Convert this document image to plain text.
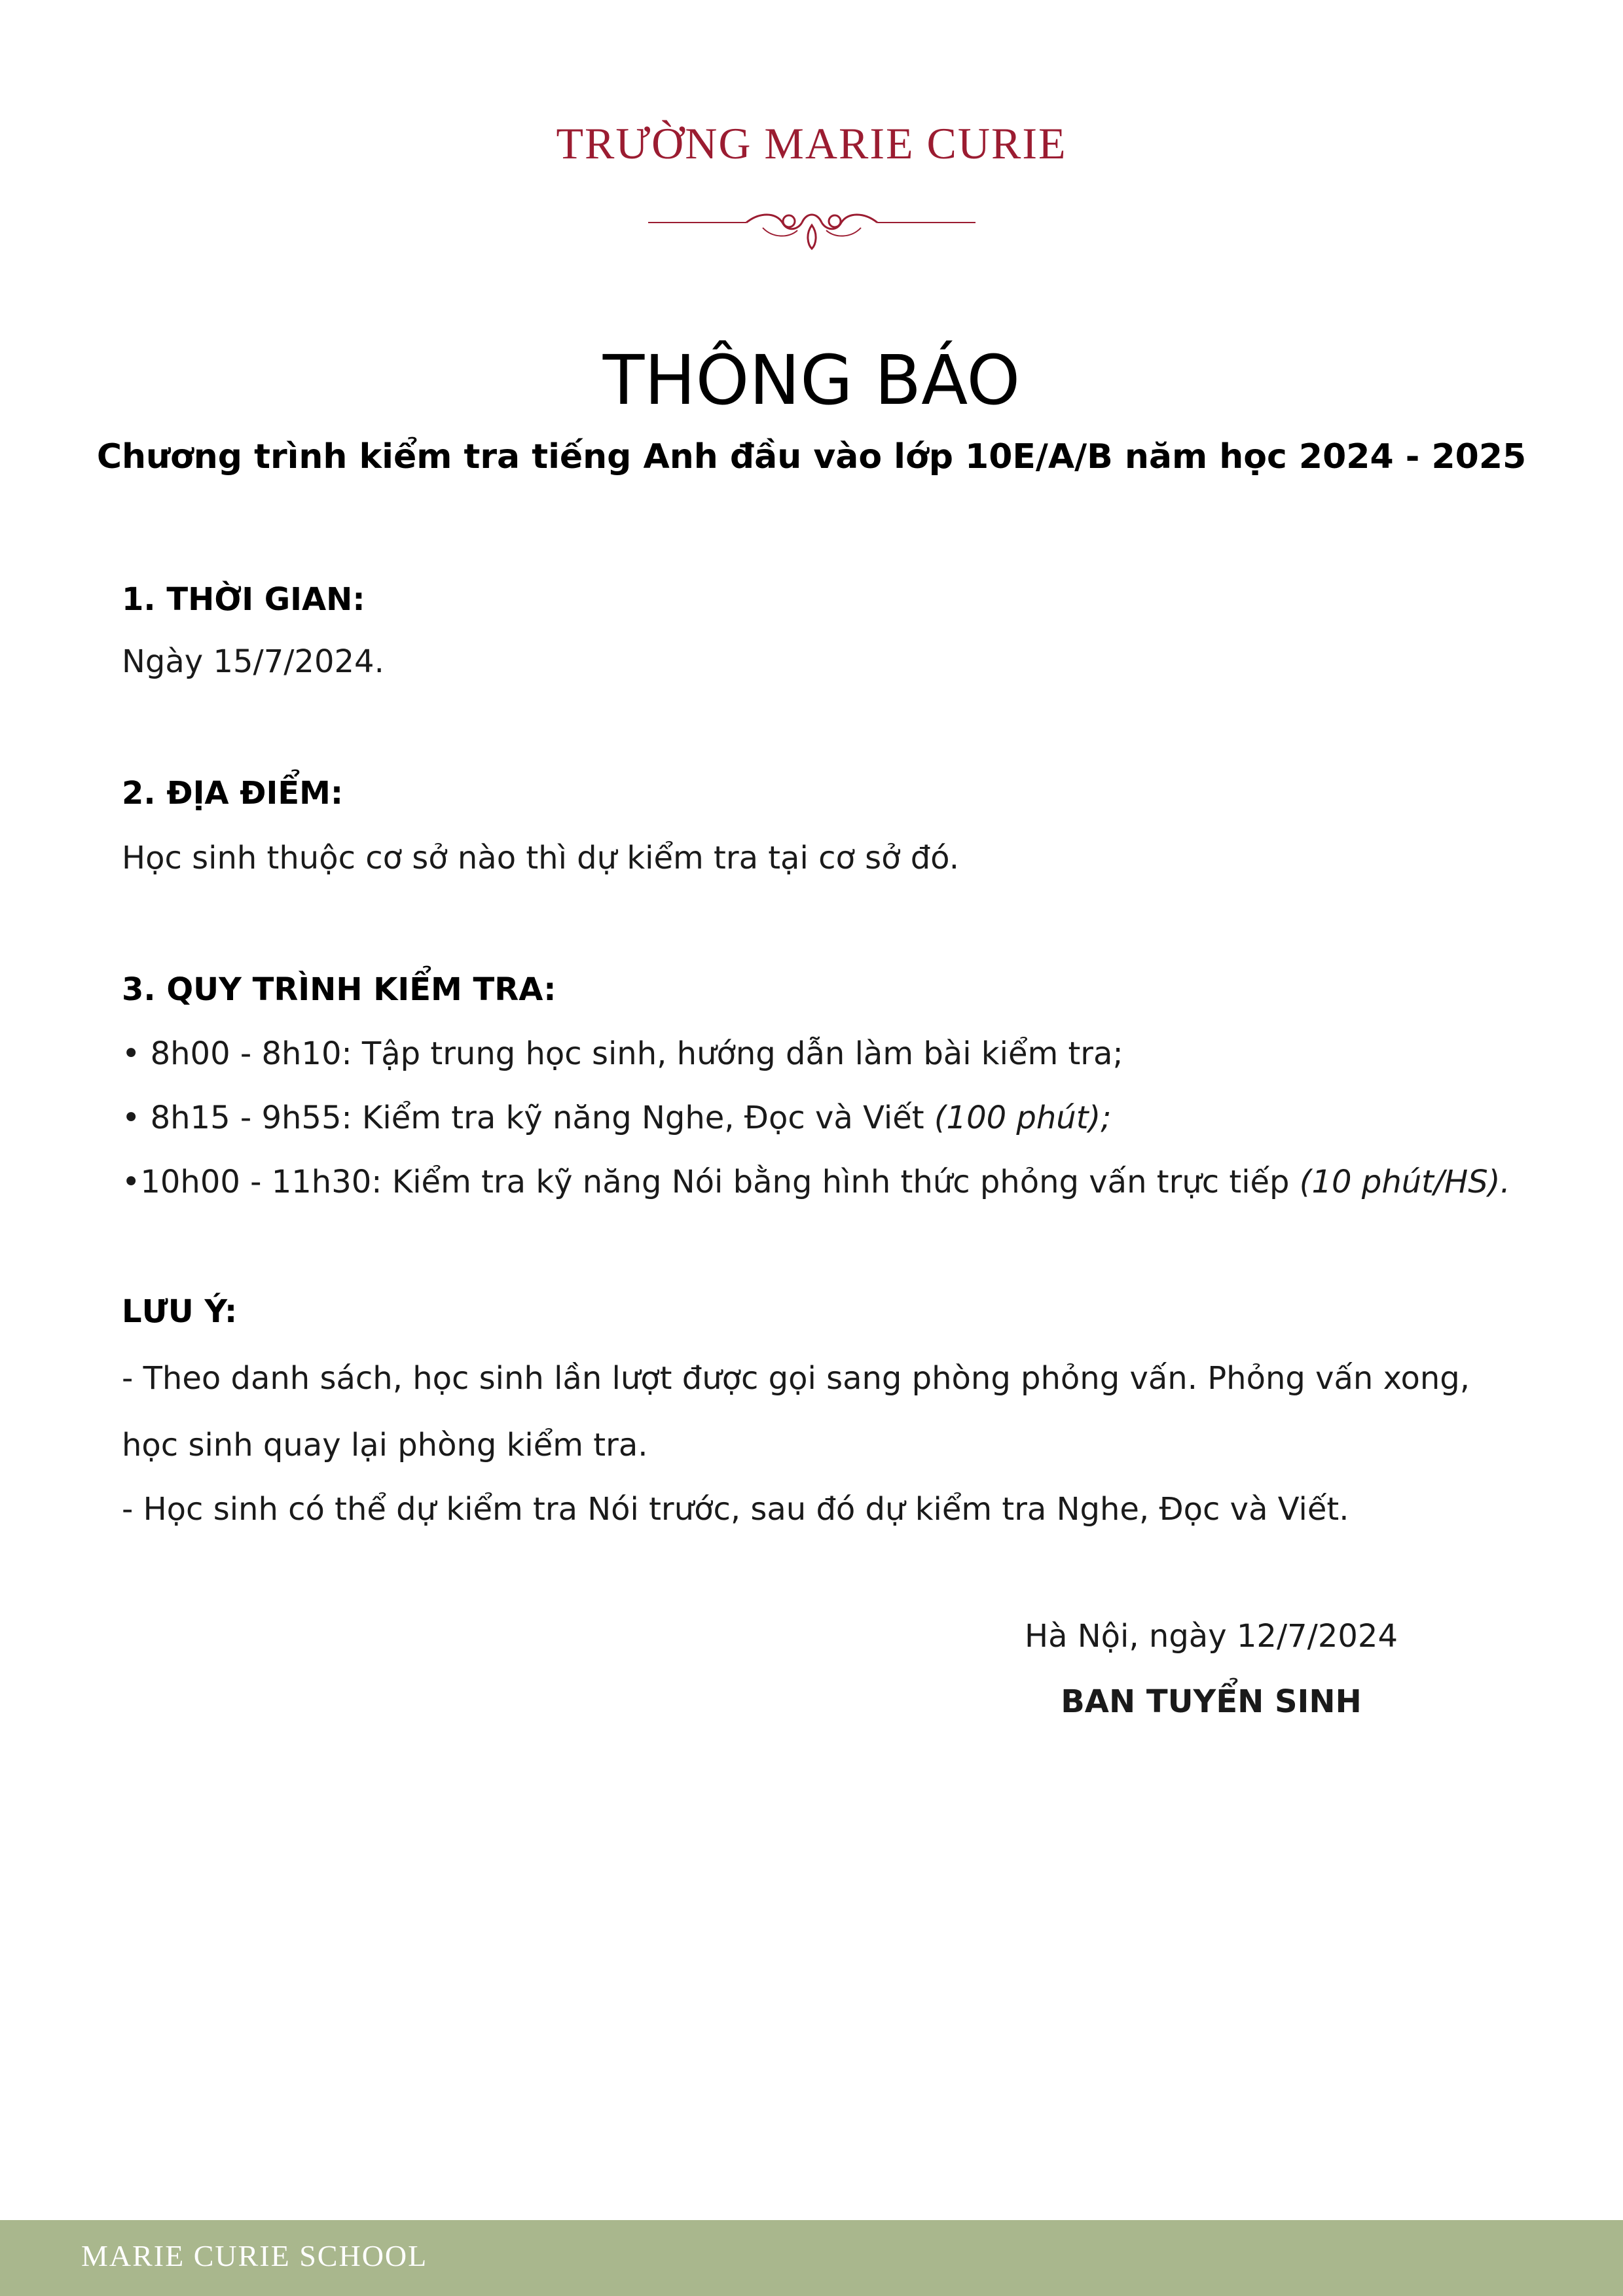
TRƯỜNG MARIE CURIE
THÔNG BÁO
Chương trình kiểm tra tiếng Anh đầu vào lớp 10E/A/B năm học 2024 - 2025
1. THỜI GIAN:
Ngày 15/7/2024.
2. ĐỊA ĐIỂM:
Học sinh thuộc cơ sở nào thì dự kiểm tra tại cơ sở đó.
3. QUY TRÌNH KIỂM TRA:
• 8h00 - 8h10: Tập trung học sinh, hướng dẫn làm bài kiểm tra;
• 8h15 - 9h55: Kiểm tra kỹ năng Nghe, Đọc và Viết (100 phút);
•10h00 - 11h30: Kiểm tra kỹ năng Nói bằng hình thức phỏng vấn trực tiếp (10 phút/HS).
LƯU Ý:
- Theo danh sách, học sinh lần lượt được gọi sang phòng phỏng vấn. Phỏng vấn xong,
học sinh quay lại phòng kiểm tra.
- Học sinh có thể dự kiểm tra Nói trước, sau đó dự kiểm tra Nghe, Đọc và Viết.
Hà Nội, ngày 12/7/2024
BAN TUYỂN SINH
MARIE CURIE SCHOOL
